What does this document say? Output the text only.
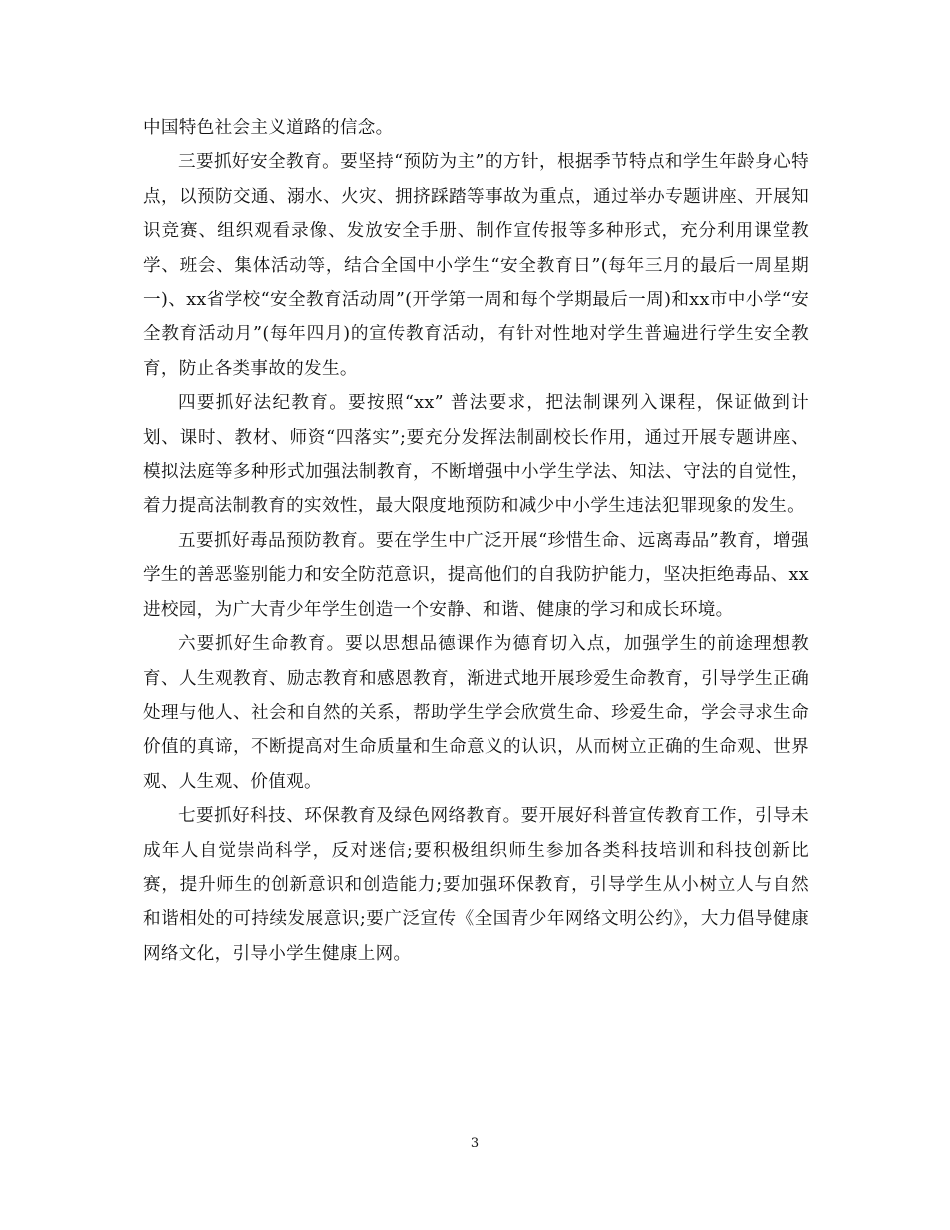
中国特色社会主义道路的信念。

三要抓好安全教育。要坚持“预防为主”的方针，根据季节特点和学生年龄身心特点，以预防交通、溺水、火灾、拥挤踩踏等事故为重点，通过举办专题讲座、开展知识竞赛、组织观看录像、发放安全手册、制作宣传报等多种形式，充分利用课堂教学、班会、集体活动等，结合全国中小学生“安全教育日”(每年三月的最后一周星期一)、xx省学校“安全教育活动周”(开学第一周和每个学期最后一周)和xx市中小学“安全教育活动月”(每年四月)的宣传教育活动，有针对性地对学生普遍进行学生安全教育，防止各类事故的发生。

四要抓好法纪教育。要按照“xx” 普法要求，把法制课列入课程，保证做到计划、课时、教材、师资“四落实”;要充分发挥法制副校长作用，通过开展专题讲座、模拟法庭等多种形式加强法制教育，不断增强中小学生学法、知法、守法的自觉性，着力提高法制教育的实效性，最大限度地预防和减少中小学生违法犯罪现象的发生。

五要抓好毒品预防教育。要在学生中广泛开展“珍惜生命、远离毒品”教育，增强学生的善恶鉴别能力和安全防范意识，提高他们的自我防护能力，坚决拒绝毒品、xx进校园，为广大青少年学生创造一个安静、和谐、健康的学习和成长环境。

六要抓好生命教育。要以思想品德课作为德育切入点，加强学生的前途理想教育、人生观教育、励志教育和感恩教育，渐进式地开展珍爱生命教育，引导学生正确处理与他人、社会和自然的关系，帮助学生学会欣赏生命、珍爱生命，学会寻求生命价值的真谛，不断提高对生命质量和生命意义的认识，从而树立正确的生命观、世界观、人生观、价值观。

七要抓好科技、环保教育及绿色网络教育。要开展好科普宣传教育工作，引导未成年人自觉崇尚科学，反对迷信;要积极组织师生参加各类科技培训和科技创新比赛，提升师生的创新意识和创造能力;要加强环保教育，引导学生从小树立人与自然和谐相处的可持续发展意识;要广泛宣传《全国青少年网络文明公约》，大力倡导健康网络文化，引导小学生健康上网。

3
